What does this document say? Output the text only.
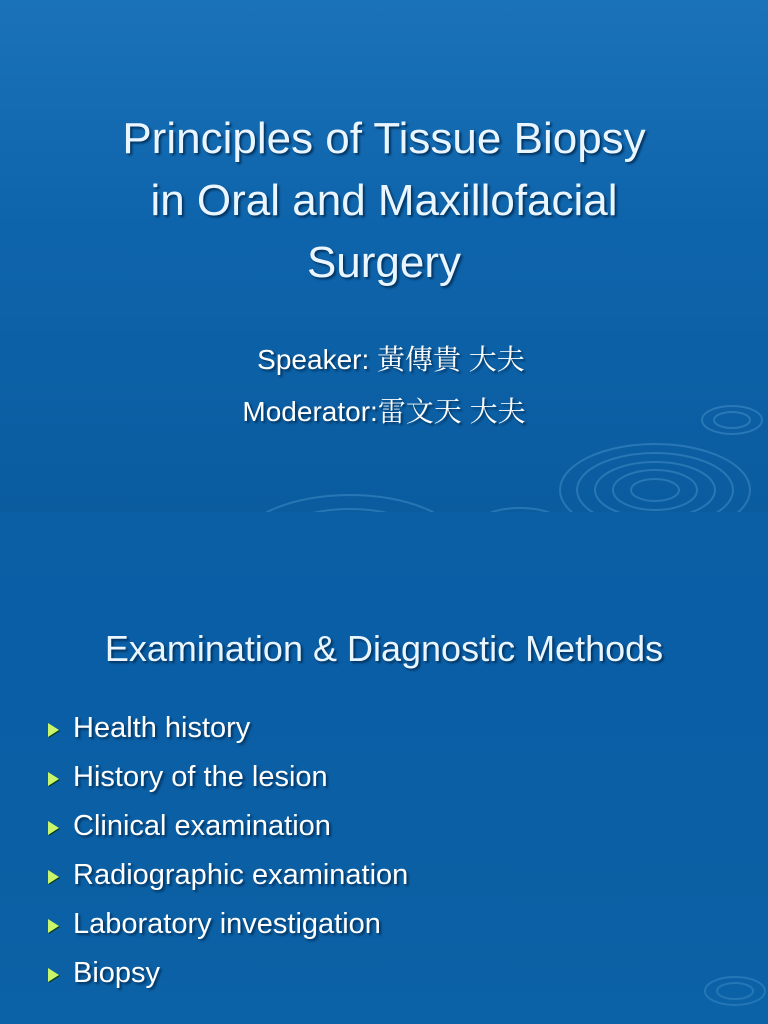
Principles of Tissue Biopsy
in Oral and Maxillofacial
Surgery
Speaker: 黃傳貴 大夫
Moderator:雷文天 大夫
Examination & Diagnostic Methods
Health history
History of the lesion
Clinical examination
Radiographic examination
Laboratory investigation
Biopsy
